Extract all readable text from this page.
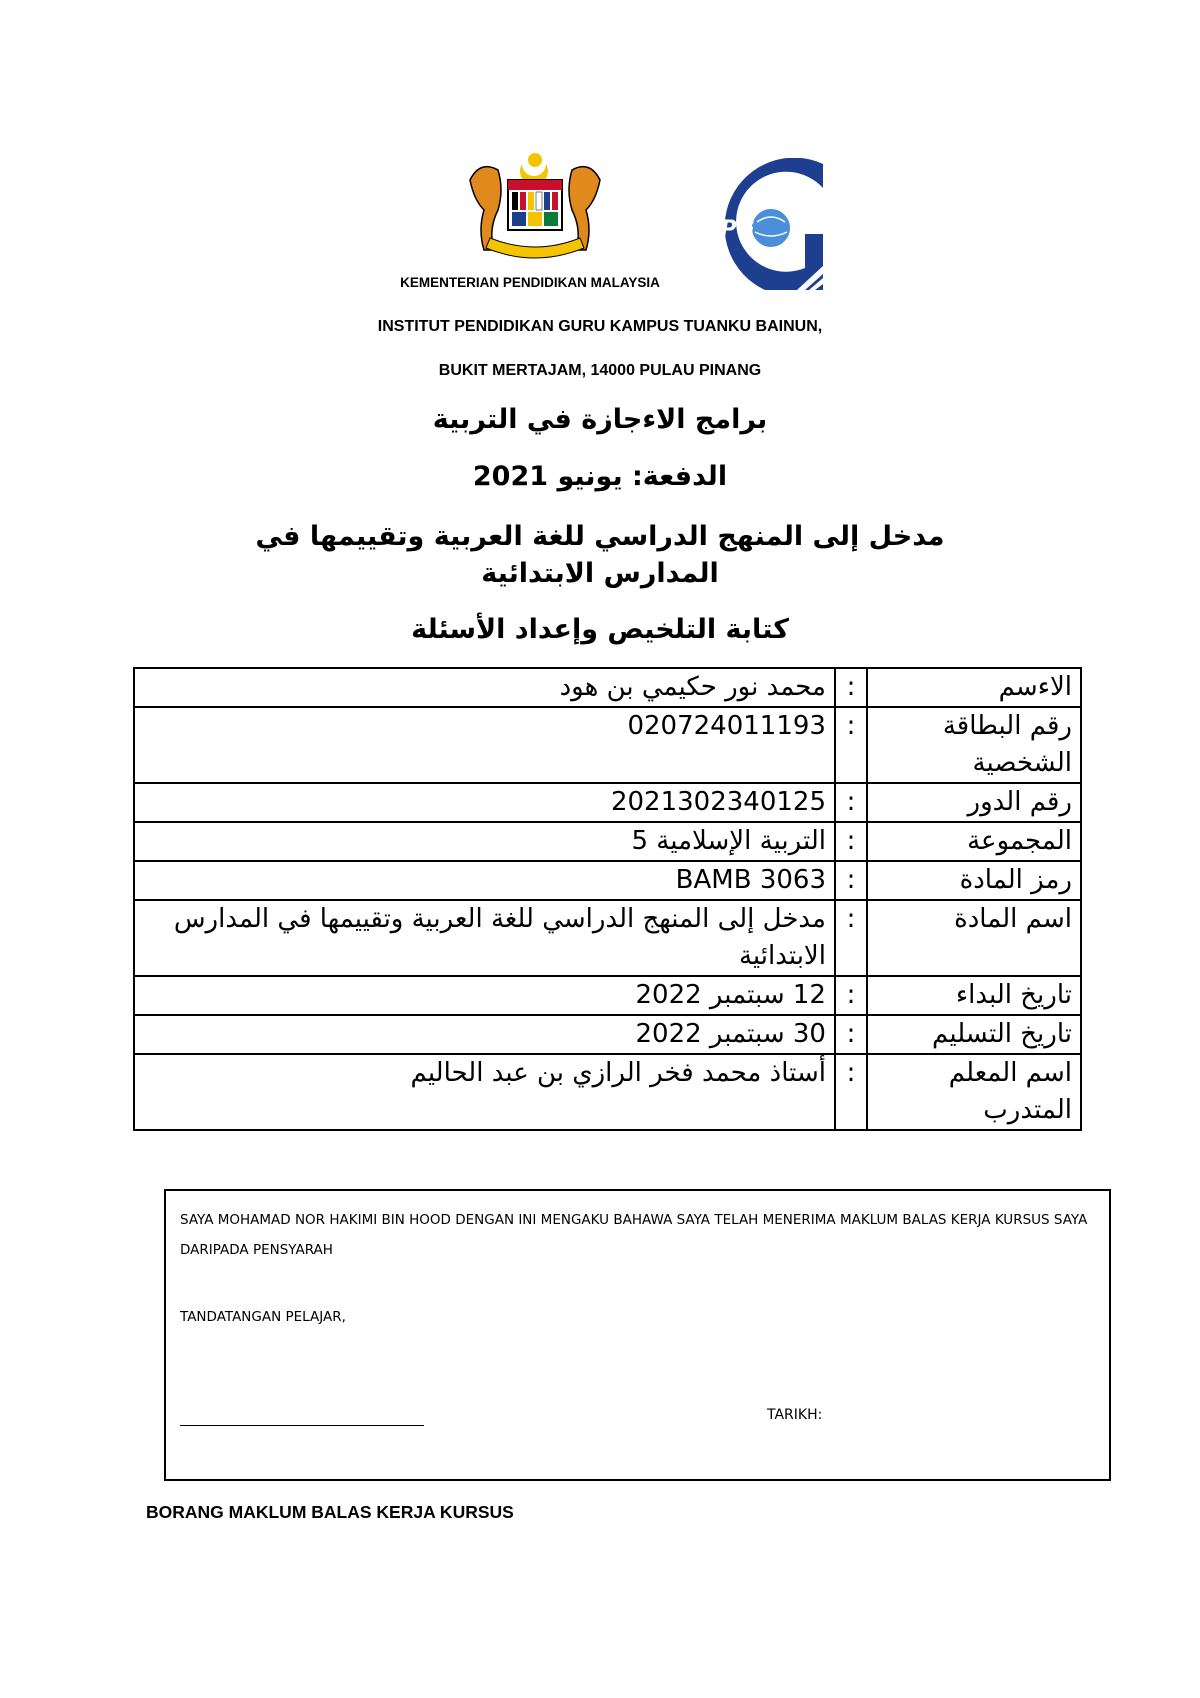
iPG
KEMENTERIAN PENDIDIKAN MALAYSIA
INSTITUT PENDIDIKAN GURU KAMPUS TUANKU BAINUN,
BUKIT MERTAJAM, 14000 PULAU PINANG
برامج الاءجازة في التربية
الدفعة: يونيو 2021
مدخل إلى المنهج الدراسي للغة العربية وتقييمها في
المدارس الابتدائية
كتابة التلخيص وإعداد الأسئلة
الاءسم	:	محمد نور حكيمي بن هود
رقم البطاقة الشخصية	:	020724011193
رقم الدور	:	2021302340125
المجموعة	:	التربية الإسلامية 5
رمز المادة	:	BAMB 3063
اسم المادة	:	مدخل إلى المنهج الدراسي للغة العربية وتقييمها في المدارس الابتدائية
تاريخ البداء	:	12 سبتمبر 2022
تاريخ التسليم	:	30 سبتمبر 2022
اسم المعلم المتدرب	:	أستاذ محمد فخر الرازي بن عبد الحاليم
SAYA MOHAMAD NOR HAKIMI BIN HOOD DENGAN INI MENGAKU BAHAWA SAYA TELAH MENERIMA MAKLUM BALAS KERJA KURSUS SAYA DARIPADA PENSYARAH
TANDATANGAN PELAJAR,
TARIKH:
BORANG MAKLUM BALAS KERJA KURSUS
